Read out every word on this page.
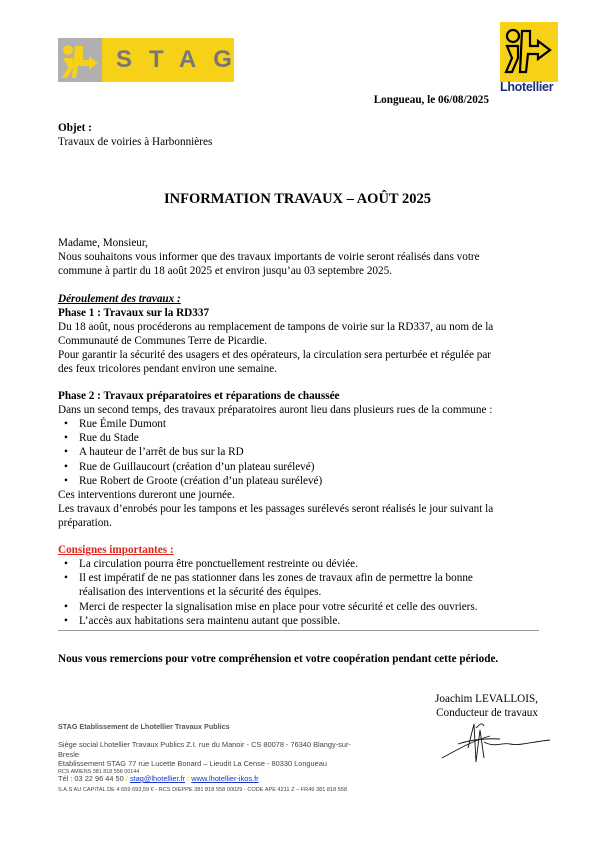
STAG
Lhotellier
Longueau, le 06/08/2025
Objet :
Travaux de voiries à Harbonnières
INFORMATION TRAVAUX – AOÛT 2025
Madame, Monsieur,
Nous souhaitons vous informer que des travaux importants de voirie seront réalisés dans votre
commune à partir du 18 août 2025 et environ jusqu’au 03 septembre 2025.
Déroulement des travaux :
Phase 1 : Travaux sur la RD337
Du 18 août, nous procéderons au remplacement de tampons de voirie sur la RD337, au nom de la
Communauté de Communes Terre de Picardie.
Pour garantir la sécurité des usagers et des opérateurs, la circulation sera perturbée et régulée par
des feux tricolores pendant environ une semaine.
Phase 2 : Travaux préparatoires et réparations de chaussée
Dans un second temps, des travaux préparatoires auront lieu dans plusieurs rues de la commune :
• Rue Émile Dumont
• Rue du Stade
• A hauteur de l’arrêt de bus sur la RD
• Rue de Guillaucourt (création d’un plateau surélevé)
• Rue Robert de Groote (création d’un plateau surélevé)
Ces interventions dureront une journée.
Les travaux d’enrobés pour les tampons et les passages surélevés seront réalisés le jour suivant la
préparation.
Consignes importantes :
• La circulation pourra être ponctuellement restreinte ou déviée.
• Il est impératif de ne pas stationner dans les zones de travaux afin de permettre la bonne
réalisation des interventions et la sécurité des équipes.
• Merci de respecter la signalisation mise en place pour votre sécurité et celle des ouvriers.
• L’accès aux habitations sera maintenu autant que possible.
Nous vous remercions pour votre compréhension et votre coopération pendant cette période.
Joachim LEVALLOIS,
Conducteur de travaux
STAG Etablissement de Lhotellier Travaux Publics
Siège social Lhotellier Travaux Publics Z.I. rue du Manoir - CS 80078 - 76340 Blangy-sur-
Bresle
Etablissement STAG 77 rue Lucette Bonard – Lieudit La Cense - 80330 Longueau
RCS AMIENS 381 818 558 00144
Tél : 03 22 96 44 50 / stag@lhotellier.fr / www.lhotellier-ikos.fr
S.A.S AU CAPITAL DE 4 659 693,59 € - RCS DIEPPE 381 818 558 00029 - CODE APE 4211 Z – FR49 381 818 558
